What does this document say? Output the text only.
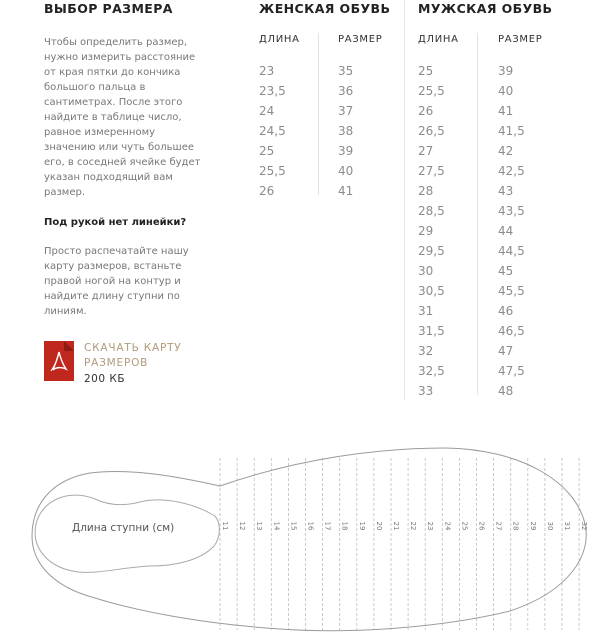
ВЫБОР РАЗМЕРА
Чтобы определить размер, нужно измерить расстояние от края пятки до кончика большого пальца в сантиметрах. После этого найдите в таблице число, равное измеренному значению или чуть большее его, в соседней ячейке будет указан подходящий вам размер.
Под рукой нет линейки?
Просто распечатайте нашу карту размеров, встаньте правой ногой на контур и найдите длину ступни по линиям.
СКАЧАТЬ КАРТУ РАЗМЕРОВ
200 КБ
ЖЕНСКАЯ ОБУВЬ
ДЛИНА
23
23,5
24
24,5
25
25,5
26
РАЗМЕР
35
36
37
38
39
40
41
МУЖСКАЯ ОБУВЬ
ДЛИНА
25
25,5
26
26,5
27
27,5
28
28,5
29
29,5
30
30,5
31
31,5
32
32,5
33
РАЗМЕР
39
40
41
41,5
42
42,5
43
43,5
44
44,5
45
45,5
46
46,5
47
47,5
48
Длина ступни (см)	11 12 13 14 15 16 17 18 19 20 21 22 23 24 25 26 27 28 29 30 31 32
